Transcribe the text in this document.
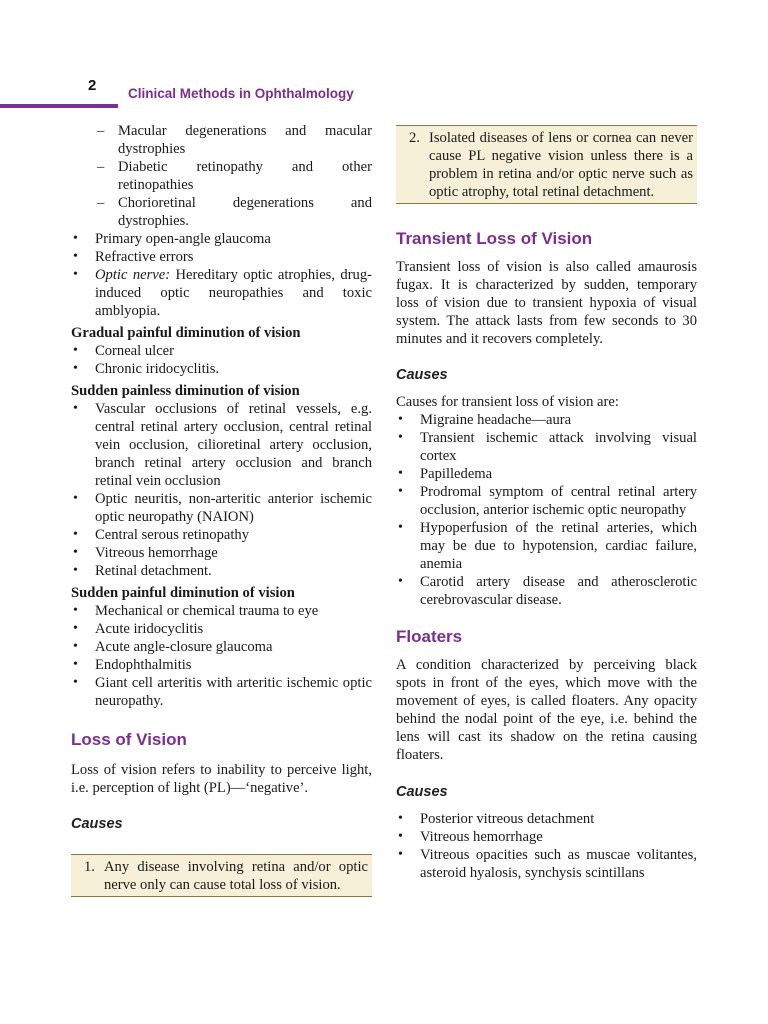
2 Clinical Methods in Ophthalmology
– Macular degenerations and macular dystrophies
– Diabetic retinopathy and other retinopathies
– Chorioretinal degenerations and dystrophies.
• Primary open-angle glaucoma
• Refractive errors
• Optic nerve: Hereditary optic atrophies, drug-induced optic neuropathies and toxic amblyopia.
Gradual painful diminution of vision
• Corneal ulcer
• Chronic iridocyclitis.
Sudden painless diminution of vision
• Vascular occlusions of retinal vessels, e.g. central retinal artery occlusion, central retinal vein occlusion, cilioretinal artery occlusion, branch retinal artery occlusion and branch retinal vein occlusion
• Optic neuritis, non-arteritic anterior ischemic optic neuropathy (NAION)
• Central serous retinopathy
• Vitreous hemorrhage
• Retinal detachment.
Sudden painful diminution of vision
• Mechanical or chemical trauma to eye
• Acute iridocyclitis
• Acute angle-closure glaucoma
• Endophthalmitis
• Giant cell arteritis with arteritic ischemic optic neuropathy.
Loss of Vision

Loss of vision refers to inability to perceive light, i.e. perception of light (PL)—‘negative’.

Causes
1. Any disease involving retina and/or optic nerve only can cause total loss of vision.

2. Isolated diseases of lens or cornea can never cause PL negative vision unless there is a problem in retina and/or optic nerve such as optic atrophy, total retinal detachment.

Transient Loss of Vision

Transient loss of vision is also called amaurosis fugax. It is characterized by sudden, temporary loss of vision due to transient hypoxia of visual system. The attack lasts from few seconds to 30 minutes and it recovers completely.

Causes

Causes for transient loss of vision are:

• Migraine headache—aura
• Transient ischemic attack involving visual cortex
• Papilledema
• Prodromal symptom of central retinal artery occlusion, anterior ischemic optic neuropathy
• Hypoperfusion of the retinal arteries, which may be due to hypotension, cardiac failure, anemia
• Carotid artery disease and atherosclerotic cerebrovascular disease.
Floaters

A condition characterized by perceiving black spots in front of the eyes, which move with the movement of eyes, is called floaters. Any opacity behind the nodal point of the eye, i.e. behind the lens will cast its shadow on the retina causing floaters.

Causes
• Posterior vitreous detachment
• Vitreous hemorrhage
• Vitreous opacities such as muscae volitantes, asteroid hyalosis, synchysis scintillans
